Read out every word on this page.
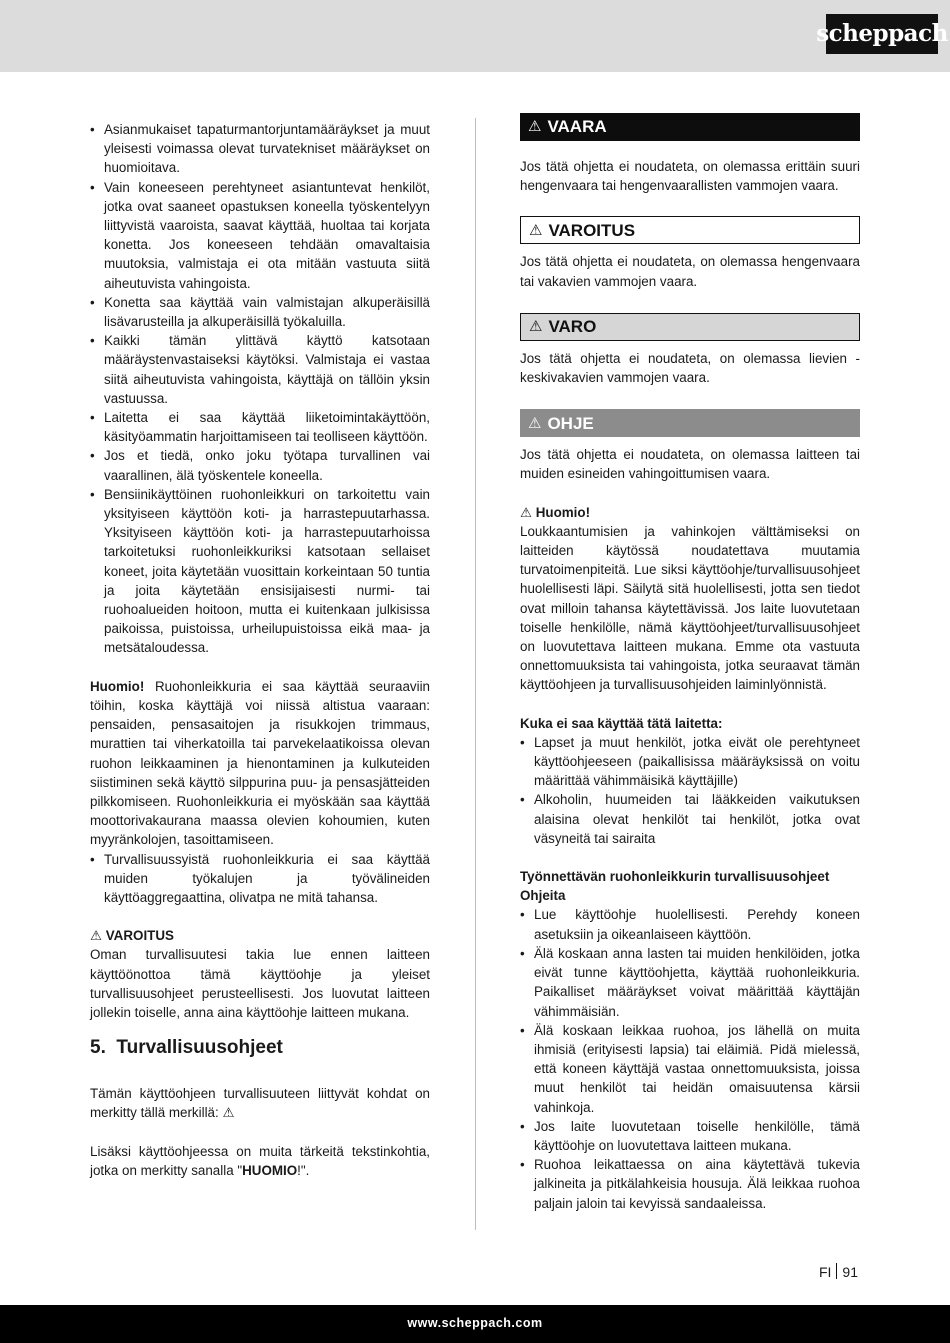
scheppach
• Asianmukaiset tapaturmantorjuntamääräykset ja muut yleisesti voimassa olevat turvatekniset määräykset on huomioitava.
• Vain koneeseen perehtyneet asiantuntevat henkilöt, jotka ovat saaneet opastuksen koneella työskentelyyn liittyvistä vaaroista, saavat käyttää, huoltaa tai korjata konetta. Jos koneeseen tehdään omavaltaisia muutoksia, valmistaja ei ota mitään vastuuta siitä aiheutuvista vahingoista.
• Konetta saa käyttää vain valmistajan alkuperäisillä lisävarusteilla ja alkuperäisillä työkaluilla.
• Kaikki tämän ylittävä käyttö katsotaan määräystenvastaiseksi käytöksi. Valmistaja ei vastaa siitä aiheutuvista vahingoista, käyttäjä on tällöin yksin vastuussa.
• Laitetta ei saa käyttää liiketoimintakäyttöön, käsityöammatin harjoittamiseen tai teolliseen käyttöön.
• Jos et tiedä, onko joku työtapa turvallinen vai vaarallinen, älä työskentele koneella.
• Bensiinikäyttöinen ruohonleikkuri on tarkoitettu vain yksityiseen käyttöön koti- ja harrastepuutarhassa. Yksityiseen käyttöön koti- ja harrastepuutarhoissa tarkoitetuksi ruohonleikkuriksi katsotaan sellaiset koneet, joita käytetään vuosittain korkeintaan 50 tuntia ja joita käytetään ensisijaisesti nurmi- tai ruohoalueiden hoitoon, mutta ei kuitenkaan julkisissa paikoissa, puistoissa, urheilupuistoissa eikä maa- ja metsätaloudessa.

Huomio! Ruohonleikkuria ei saa käyttää seuraaviin töihin, koska käyttäjä voi niissä altistua vaaraan: pensaiden, pensasaitojen ja risukkojen trimmaus, murattien tai viherkatoilla tai parvekelaatikoissa olevan ruohon leikkaaminen ja hienontaminen ja kulkuteiden siistiminen sekä käyttö silppurina puu- ja pensasjätteiden pilkkomiseen. Ruohonleikkuria ei myöskään saa käyttää moottorivakaurana maassa olevien kohoumien, kuten myyränkolojen, tasoittamiseen.

• Turvallisuussyistä ruohonleikkuria ei saa käyttää muiden työkalujen ja työvälineiden käyttöaggregaattina, olivatpa ne mitä tahansa.

⚠ VAROITUS

Oman turvallisuutesi takia lue ennen laitteen käyttöönottoa tämä käyttöohje ja yleiset turvallisuusohjeet perusteellisesti. Jos luovutat laitteen jollekin toiselle, anna aina käyttöohje laitteen mukana.

5. Turvallisuusohjeet

Tämän käyttöohjeen turvallisuuteen liittyvät kohdat on merkitty tällä merkillä: ⚠

Lisäksi käyttöohjeessa on muita tärkeitä tekstinkohtia, jotka on merkitty sanalla "HUOMIO!".

⚠ VAARA

Jos tätä ohjetta ei noudateta, on olemassa erittäin suuri hengenvaara tai hengenvaarallisten vammojen vaara.

⚠ VAROITUS

Jos tätä ohjetta ei noudateta, on olemassa hengenvaara tai vakavien vammojen vaara.

⚠ VARO

Jos tätä ohjetta ei noudateta, on olemassa lievien - keskivakavien vammojen vaara.

⚠ OHJE

Jos tätä ohjetta ei noudateta, on olemassa laitteen tai muiden esineiden vahingoittumisen vaara.

⚠ Huomio!

Loukkaantumisien ja vahinkojen välttämiseksi on laitteiden käytössä noudatettava muutamia turvatoimenpiteitä. Lue siksi käyttöohje/turvallisuusohjeet huolellisesti läpi. Säilytä sitä huolellisesti, jotta sen tiedot ovat milloin tahansa käytettävissä. Jos laite luovutetaan toiselle henkilölle, nämä käyttöohjeet/turvallisuusohjeet on luovutettava laitteen mukana. Emme ota vastuuta onnettomuuksista tai vahingoista, jotka seuraavat tämän käyttöohjeen ja turvallisuusohjeiden laiminlyönnistä.

Kuka ei saa käyttää tätä laitetta:

• Lapset ja muut henkilöt, jotka eivät ole perehtyneet käyttöohjeeseen (paikallisissa määräyksissä on voitu määrittää vähimmäisikä käyttäjille)
• Alkoholin, huumeiden tai lääkkeiden vaikutuksen alaisina olevat henkilöt tai henkilöt, jotka ovat väsyneitä tai sairaita

Työnnettävän ruohonleikkurin turvallisuusohjeet

Ohjeita

• Lue käyttöohje huolellisesti. Perehdy koneen asetuksiin ja oikeanlaiseen käyttöön.
• Älä koskaan anna lasten tai muiden henkilöiden, jotka eivät tunne käyttöohjetta, käyttää ruohonleikkuria. Paikalliset määräykset voivat määrittää käyttäjän vähimmäisiän.
• Älä koskaan leikkaa ruohoa, jos lähellä on muita ihmisiä (erityisesti lapsia) tai eläimiä. Pidä mielessä, että koneen käyttäjä vastaa onnettomuuksista, joissa muut henkilöt tai heidän omaisuutensa kärsii vahinkoja.
• Jos laite luovutetaan toiselle henkilölle, tämä käyttöohje on luovutettava laitteen mukana.
• Ruohoa leikattaessa on aina käytettävä tukevia jalkineita ja pitkälahkeisia housuja. Älä leikkaa ruohoa paljain jaloin tai kevyissä sandaaleissa.
FI 91
www.scheppach.com
